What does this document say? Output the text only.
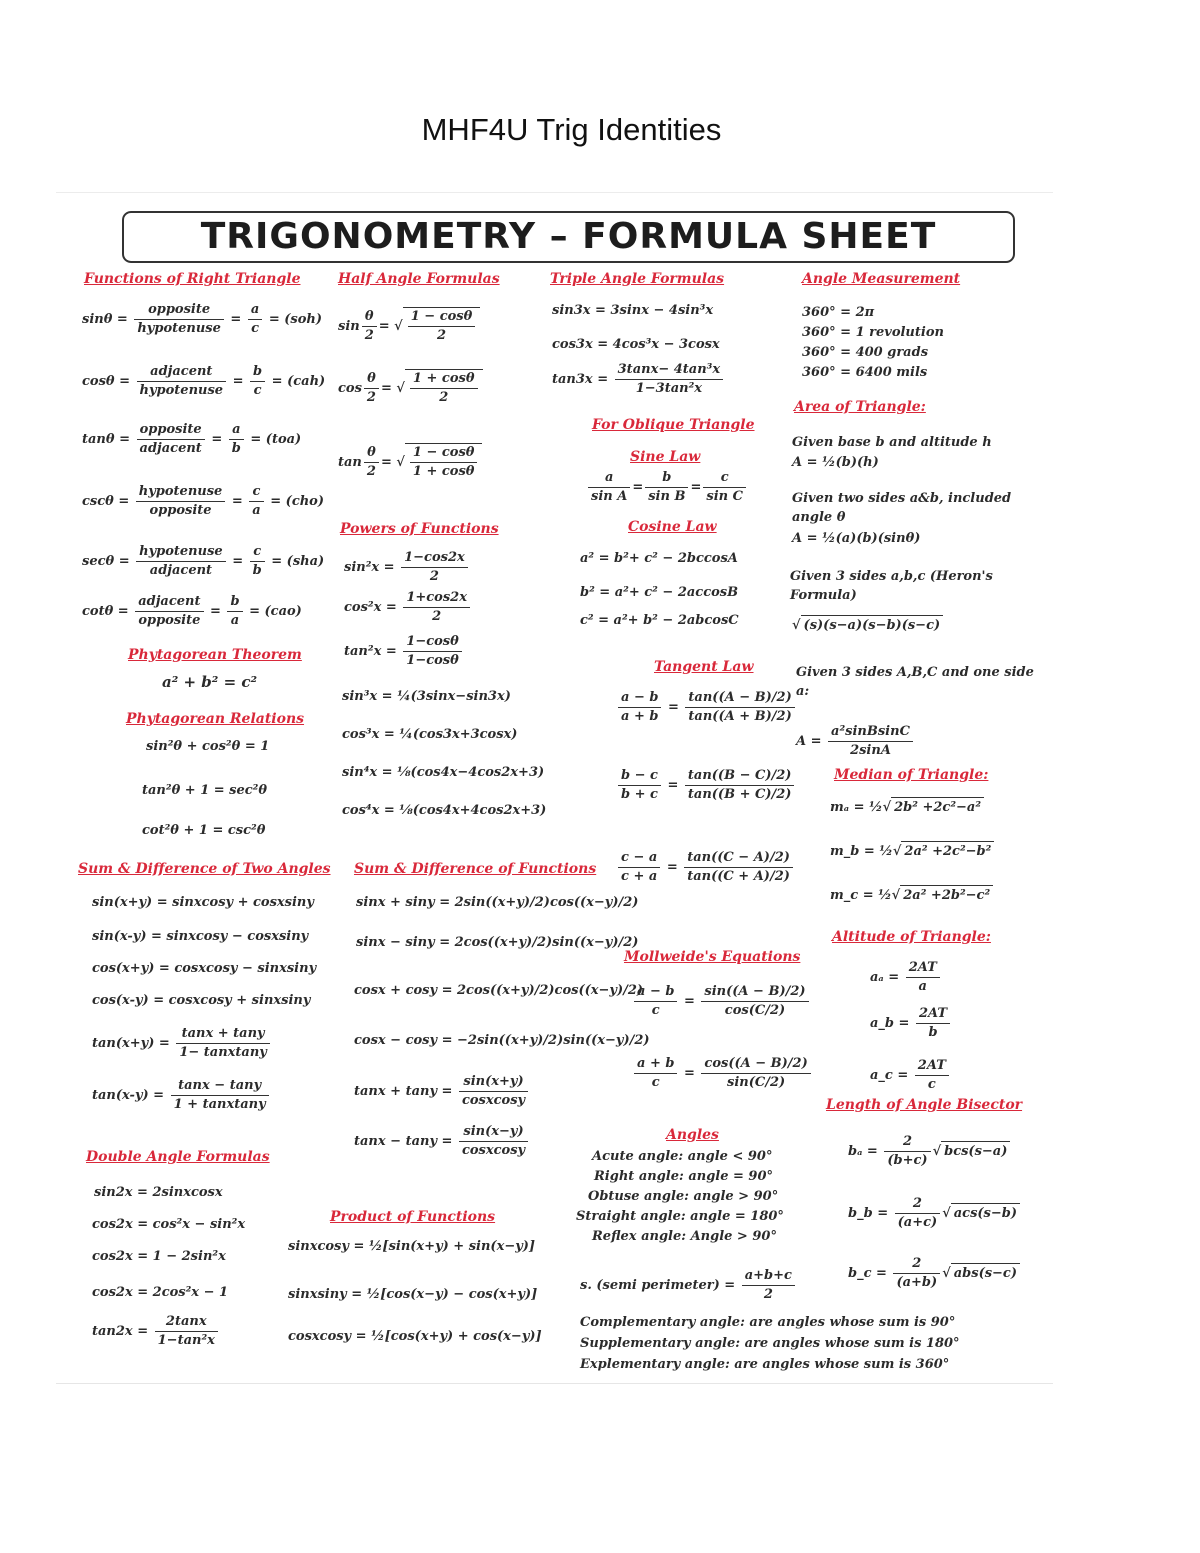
MHF4U Trig Identities
TRIGONOMETRY – FORMULA SHEET
Functions of Right Triangle
$\sin\theta = \frac{\text{opposite}}{\text{hypotenuse}} = \frac{a}{c} = (soh)$
$\cos\theta = \frac{\text{adjacent}}{\text{hypotenuse}} = \frac{b}{c} = (cah)$
$\tan\theta = \frac{\text{opposite}}{\text{adjacent}} = \frac{a}{b} = (toa)$
$\csc\theta = \frac{\text{hypotenuse}}{\text{opposite}} = \frac{c}{a} = (cho)$
$\sec\theta = \frac{\text{hypotenuse}}{\text{adjacent}} = \frac{c}{b} = (sha)$
$\cot\theta = \frac{\text{adjacent}}{\text{opposite}} = \frac{b}{a} = (cao)$
Phytagorean Theorem
a² + b² = c²
Phytagorean Relations
sin²θ + cos²θ = 1
tan²θ + 1 = sec²θ
cot²θ + 1 = csc²θ
Sum & Difference of Two Angles
sin(x+y) = sinxcosy + cosxsiny
sin(x-y) = sinxcosy − cosxsiny
cos(x+y) = cosxcosy − sinxsiny
cos(x-y) = cosxcosy + sinxsiny
$\tan(x+y) = \frac{\tan x + \tan y}{\text{1− tanxtany}}$
$\tan(x-y) = \frac{\tan x - \tan y}{\text{1 + tanxtany}}$
Double Angle Formulas
sin2x = 2sinxcosx
cos2x = cos²x − sin²x
cos2x = 1 − 2sin²x
cos2x = 2cos²x − 1
$\tan 2x = \frac{2\tan x}{\text{1−tan²x}}$
Half Angle Formulas
$\sin \frac{\theta}{2}$ = √ $\frac{1 - \cos\theta}{2}$
$\cos \frac{\theta}{2}$ = √ $\frac{1 + \cos\theta}{2}$
$\tan \frac{\theta}{2}$ = √ $\frac{1 - \cos\theta}{1 + \cos\theta}$
Powers of Functions
$\sin^2x = \frac{1-\cos 2x}{2}$
$\cos^2x = \frac{1+\cos 2x}{2}$
$\tan^2x = \frac{1-\cos\theta}{1-\cos\theta}$
sin³x = ¼(3sinx−sin3x)
cos³x = ¼(cos3x+3cosx)
sin⁴x = ⅛(cos4x−4cos2x+3)
cos⁴x = ⅛(cos4x+4cos2x+3)
Sum & Difference of Functions
sinx + siny = 2sin((x+y)/2)cos((x−y)/2)
sinx − siny = 2cos((x+y)/2)sin((x−y)/2)
cosx + cosy = 2cos((x+y)/2)cos((x−y)/2)
cosx − cosy = −2sin((x+y)/2)sin((x−y)/2)
$\tan x + \tan y = \frac{\sin(x+y)}{\text{cosxcosy}}$
$\tan x - \tan y = \frac{\sin(x-y)}{\text{cosxcosy}}$
Product of Functions
sinxcosy = ½[sin(x+y) + sin(x−y)]
sinxsiny = ½[cos(x−y) − cos(x+y)]
cosxcosy = ½[cos(x+y) + cos(x−y)]
Triple Angle Formulas
sin3x = 3sinx − 4sin³x
cos3x = 4cos³x − 3cosx
$\tan 3x = \frac{\text{3tanx− 4tan³x}}{\text{1−3tan²x}}$
For Oblique Triangle
Sine Law
$\frac{a}{\text{sin A}} = \frac{b}{\text{sin B}} = \frac{c}{\text{sin C}}$
Cosine Law
a² = b²+ c² − 2bccosA
b² = a²+ c² − 2accosB
c² = a²+ b² − 2abcosC
Tangent Law
$\frac{a - b}{a + b} = \frac{\tan((A - B)/2)}{\tan((A + B)/2)}$
$\frac{b - c}{b + c} = \frac{\tan((B - C)/2)}{\tan((B + C)/2)}$
$\frac{c - a}{c + a} = \frac{\tan((C - A)/2)}{\tan((C + A)/2)}$
Mollweide's Equations
$\frac{a - b}{c} = \frac{\sin((A - B)/2)}{\cos(C/2)}$
$\frac{a + b}{c} = \frac{\cos((A - B)/2)}{\sin(C/2)}$
Angles
Acute angle: angle < 90°
Right angle: angle = 90°
Obtuse angle: angle > 90°
Straight angle: angle = 180°
Reflex angle: Angle > 90°
s. (semi perimeter) = $\frac{a+b+c}{2}$
Complementary angle: are angles whose sum is 90°
Supplementary angle: are angles whose sum is 180°
Explementary angle: are angles whose sum is 360°
Angle Measurement
360° = 2π
360° = 1 revolution
360° = 400 grads
360° = 6400 mils
Area of Triangle:
Given base b and altitude h
A = ½(b)(h)
Given two sides a&b, included angle θ
A = ½(a)(b)(sinθ)
Given 3 sides a,b,c (Heron's Formula)
√ (s)(s−a)(s−b)(s−c)
Given 3 sides A,B,C and one side a:
$A = \frac{\text{a²sinBsinC}}{2\sin A}$
Median of Triangle:
mₐ = ½√ 2b² +2c²−a²
m_b = ½√ 2a² +2c²−b²
m_c = ½√ 2a² +2b²−c²
Altitude of Triangle:
$a_a = \frac{2AT}{a}$
a_b = $\frac{2AT}{b}$
a_c = $\frac{2AT}{c}$
Length of Angle Bisector
$b_a = \frac{2}{(b+c)}$ √ bcs(s−a)
b_b = $\frac{2}{(a+c)}$ √ acs(s−b)
b_c = $\frac{2}{(a+b)}$ √ abs(s−c)
